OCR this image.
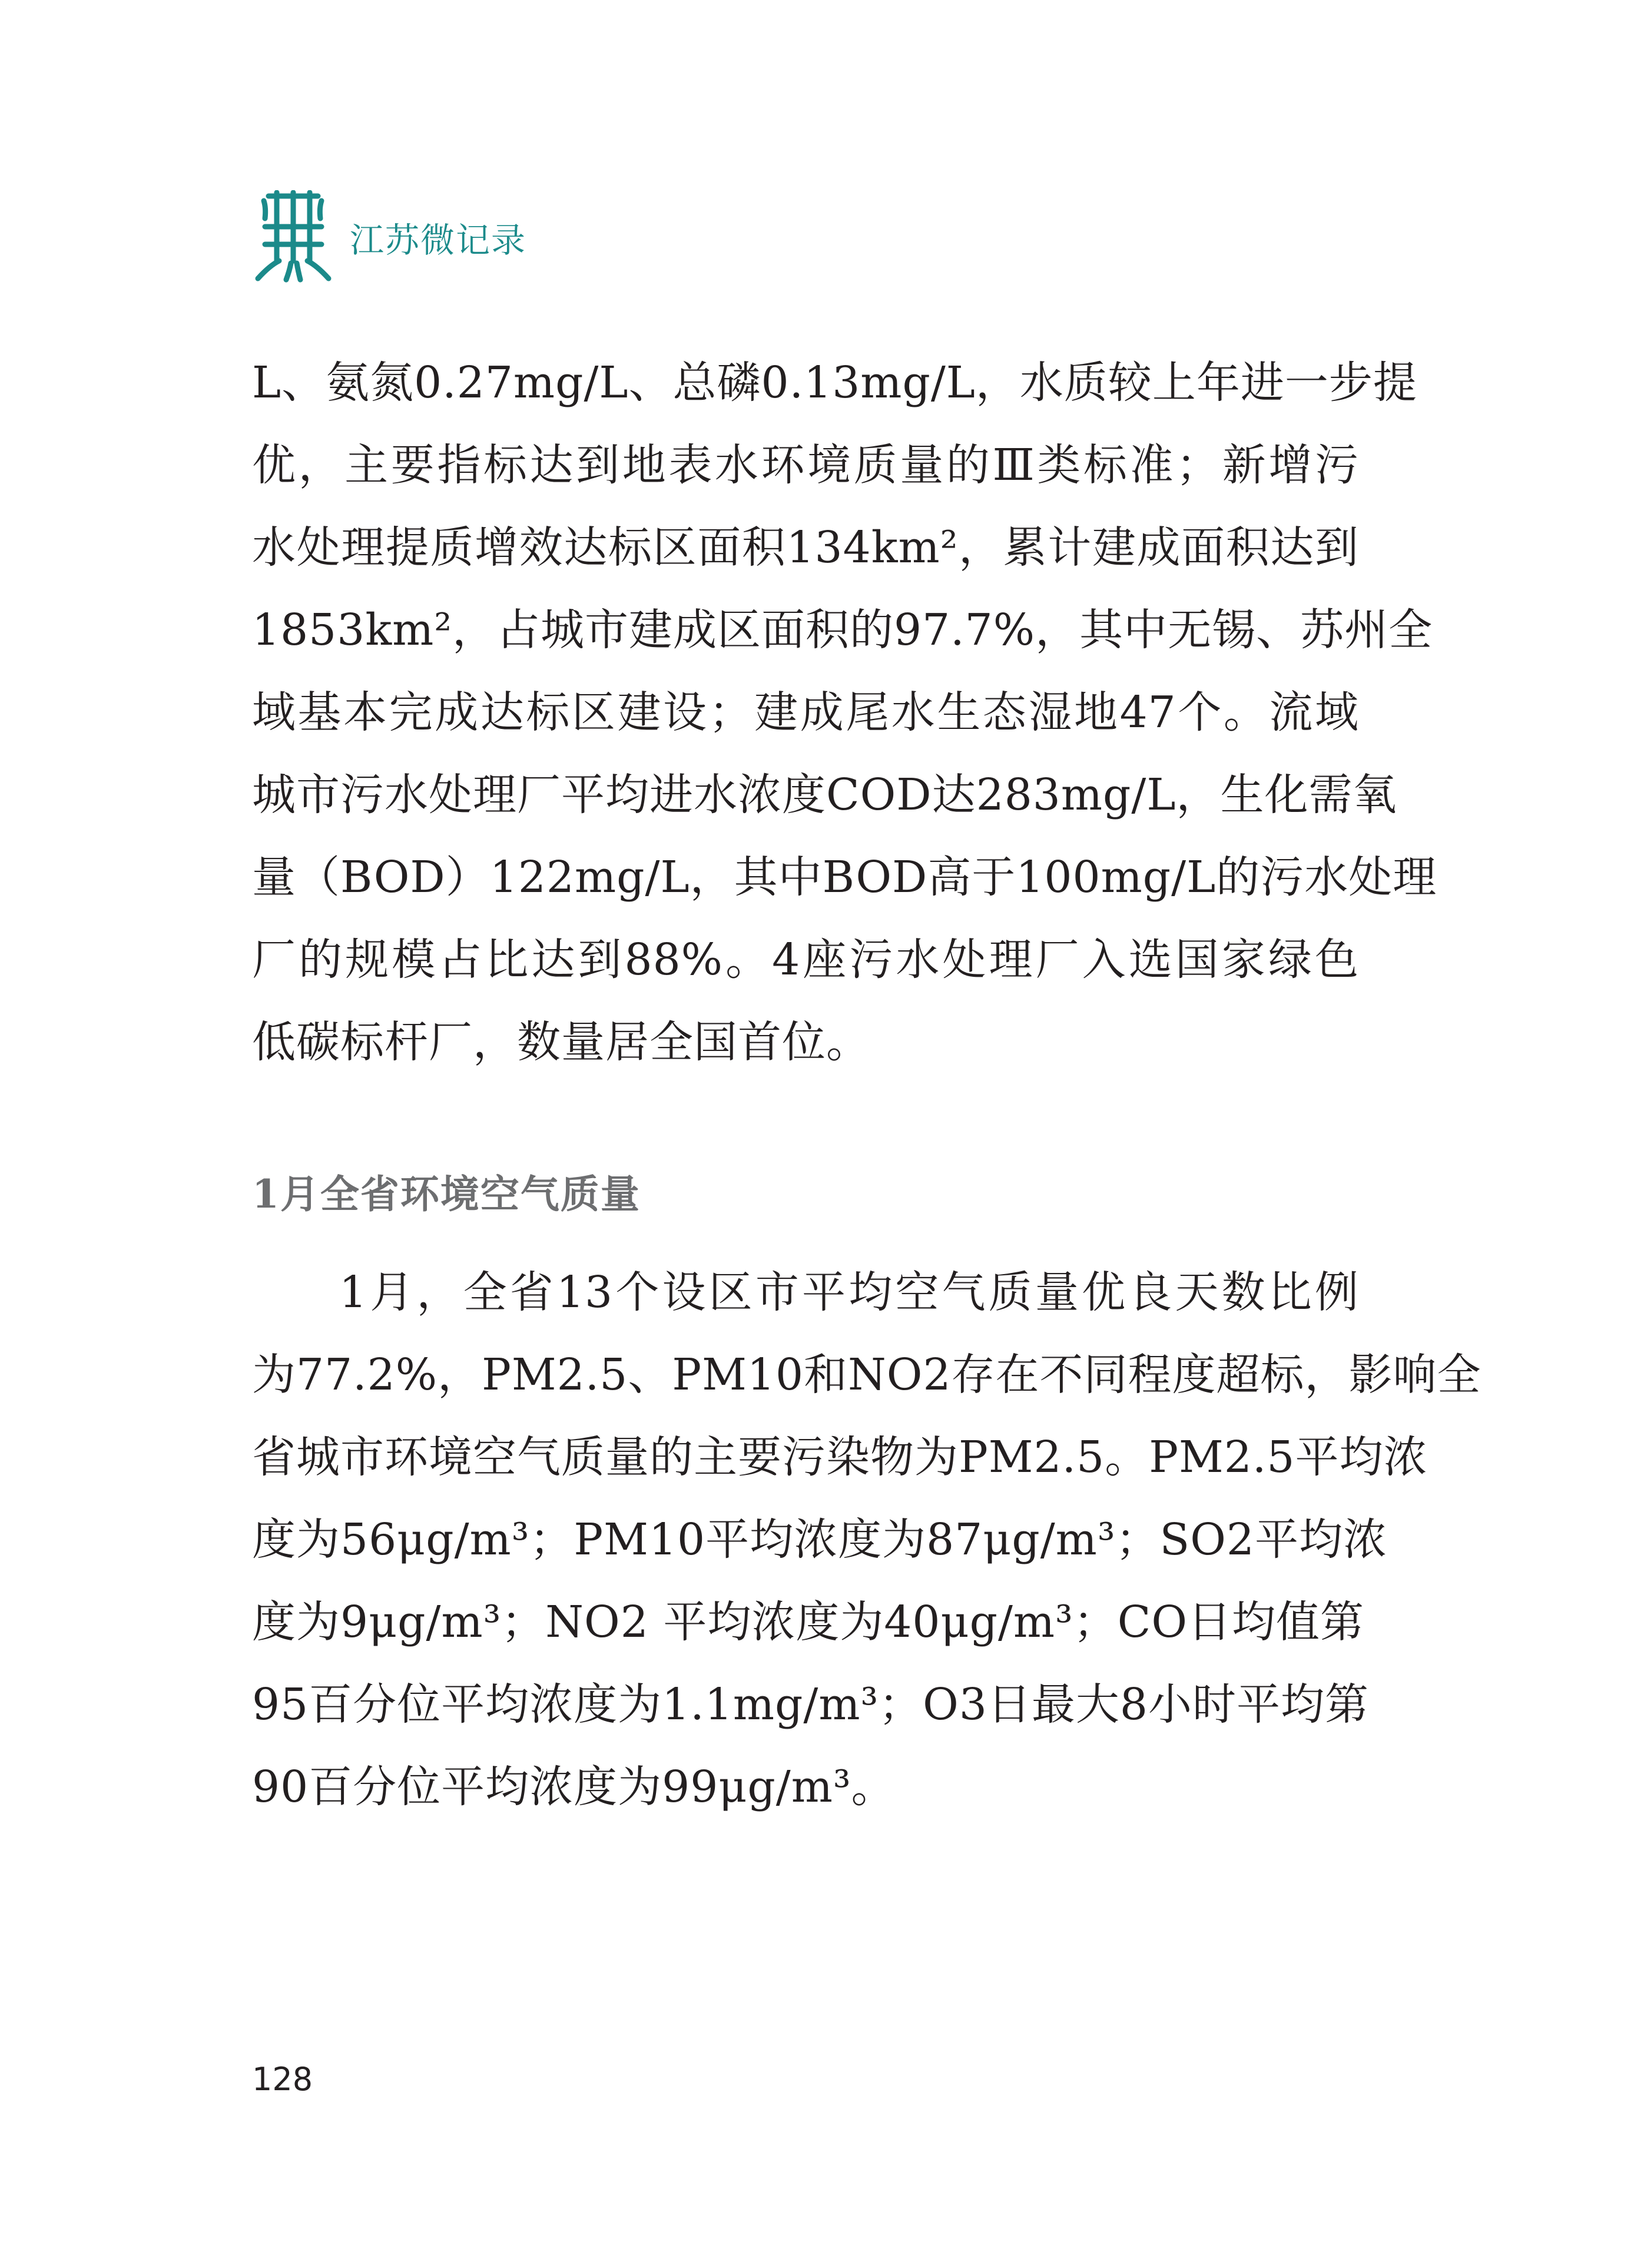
江苏微记录
L、氨氮0.27mg/L、总磷0.13mg/L，水质较上年进一步提
优，主要指标达到地表水环境质量的Ⅲ类标准；新增污
水处理提质增效达标区面积134km²，累计建成面积达到
1853km²，占城市建成区面积的97.7%，其中无锡、苏州全
域基本完成达标区建设；建成尾水生态湿地47个。流域
城市污水处理厂平均进水浓度COD达283mg/L，生化需氧
量（BOD）122mg/L，其中BOD高于100mg/L的污水处理
厂的规模占比达到88%。4座污水处理厂入选国家绿色
低碳标杆厂，数量居全国首位。
1月全省环境空气质量
1月，全省13个设区市平均空气质量优良天数比例
为77.2%，PM2.5、PM10和NO2存在不同程度超标，影响全
省城市环境空气质量的主要污染物为PM2.5。PM2.5平均浓
度为56μg/m³；PM10平均浓度为87μg/m³；SO2平均浓
度为9μg/m³；NO2 平均浓度为40μg/m³；CO日均值第
95百分位平均浓度为1.1mg/m³；O3日最大8小时平均第
90百分位平均浓度为99μg/m³。
128
